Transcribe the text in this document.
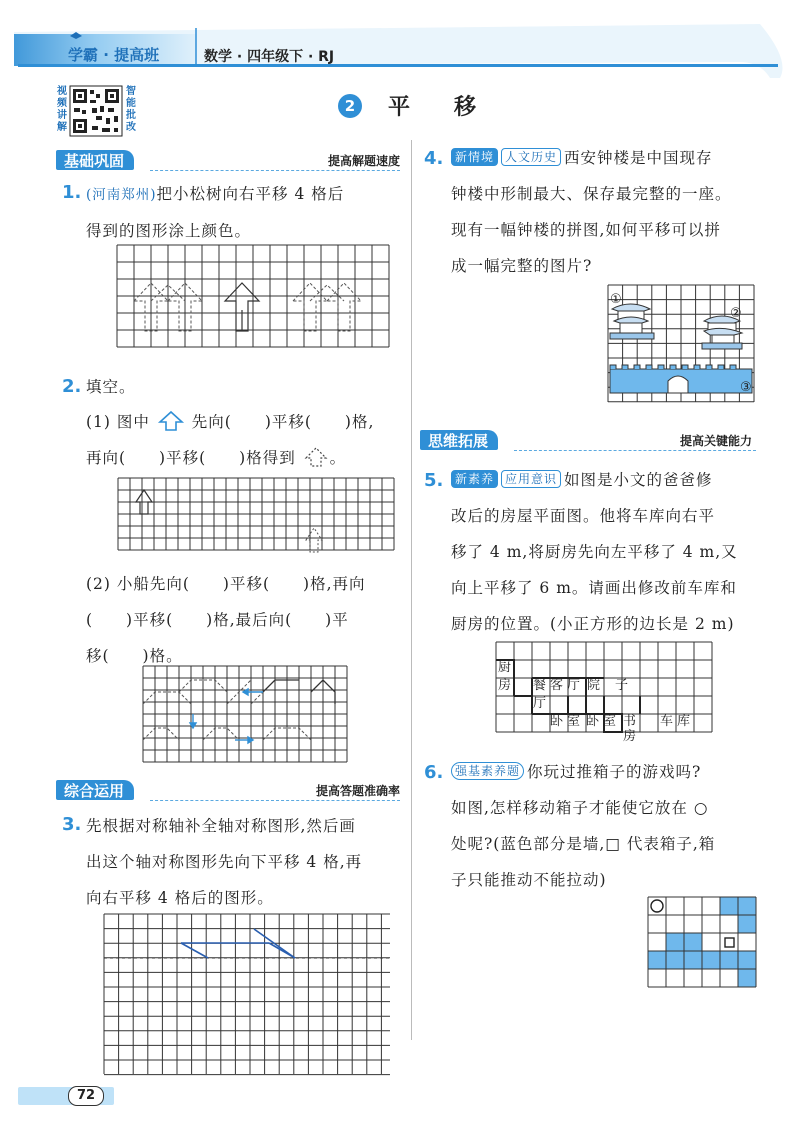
学霸 · 提高班	数学 · 四年级下 · RJ
视频讲解
智能批改
2	平　　移
基础巩固	提高解题速度
1. (河南郑州)把小松树向右平移 4 格后
得到的图形涂上颜色。
2. 填空。
(1) 图中	先向(　　)平移(　　)格,
再向(　　)平移(　　)格得到 。
(2) 小船先向(　　)平移(　　)格,再向
(　　)平移(　　)格,最后向(　　)平
移(　　)格。
综合运用	提高答题准确率
3. 先根据对称轴补全轴对称图形,然后画
出这个轴对称图形先向下平移 4 格,再
向右平移 4 格后的图形。
4. 新情境 人文历史 西安钟楼是中国现存
钟楼中形制最大、保存最完整的一座。
现有一幅钟楼的拼图,如何平移可以拼
成一幅完整的图片?
①
②
③
思维拓展	提高关键能力
5. 新素养 应用意识 如图是小文的爸爸修
改后的房屋平面图。他将车库向右平
移了 4 m,将厨房先向左平移了 4 m,又
向上平移了 6 m。请画出修改前车库和
厨房的位置。(小正方形的边长是 2 m)
厨
房 餐
厅
客厅 院 子
卧室 卧室 书
房
车库
6. 强基素养题 你玩过推箱子的游戏吗?
如图,怎样移动箱子才能使它放在 ○
处呢?(蓝色部分是墙,□ 代表箱子,箱
子只能推动不能拉动)
72
